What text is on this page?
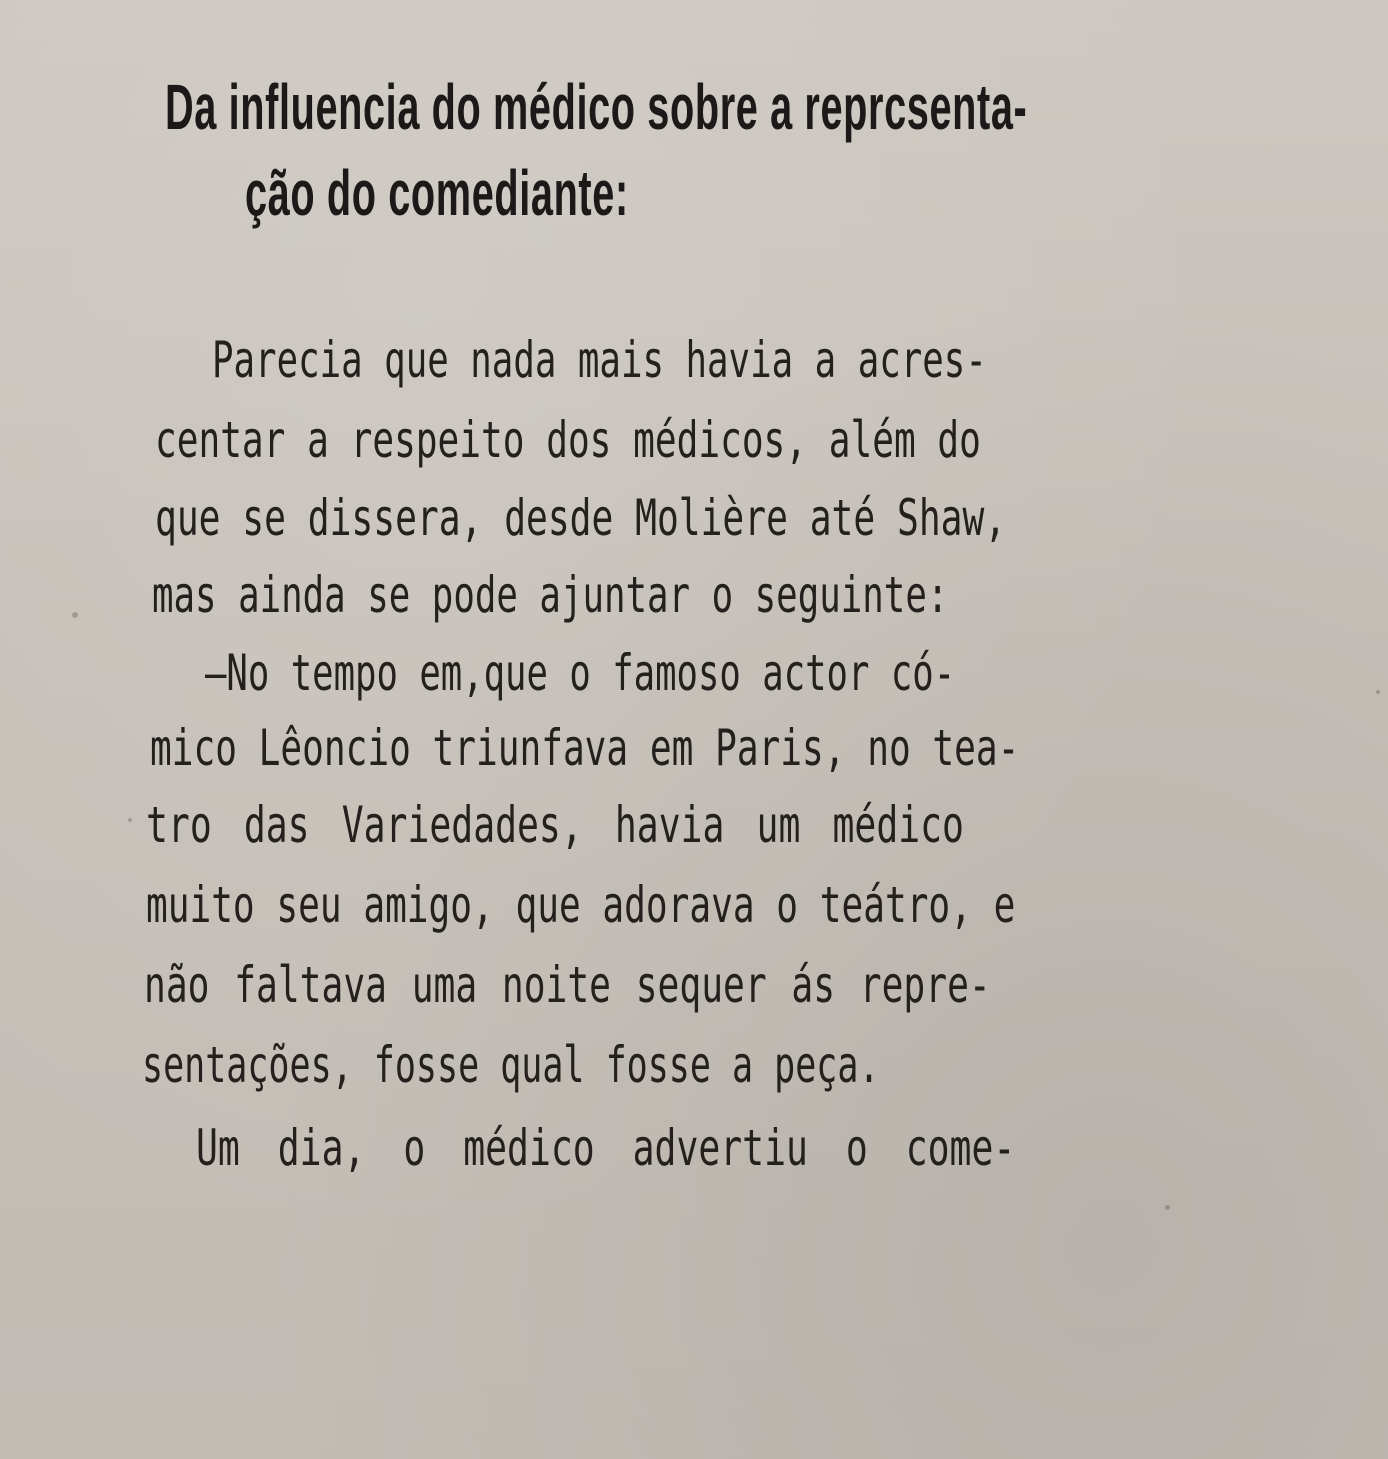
Da influencia do médico sobre a reprcsenta-
ção do comediante:
Parecia que nada mais havia a acres-
centar a respeito dos médicos, além do
que se dissera, desde Molière até Shaw,
mas ainda se pode ajuntar o seguinte:
—No tempo em,que o famoso actor có-
mico Lêoncio triunfava em Paris, no tea-
tro das Variedades, havia um médico
muito seu amigo, que adorava o teátro, e
não faltava uma noite sequer ás repre-
sentações, fosse qual fosse a peça.
Um dia, o médico advertiu o come-
